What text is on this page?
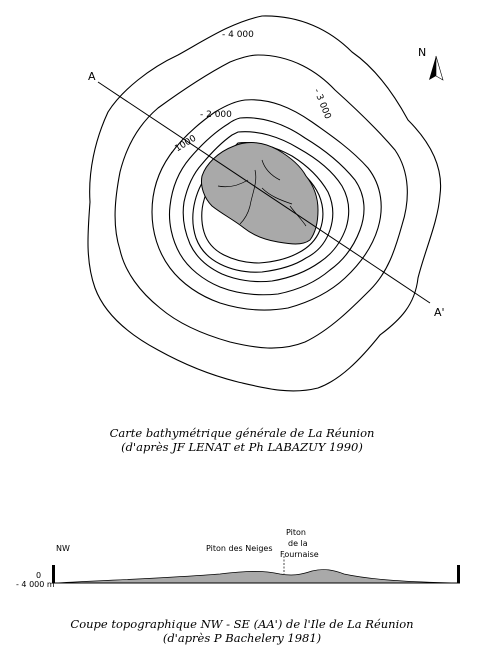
- 4 000
- 3 000
- 2 000
- 1000
A
A'
N
Carte bathymétrique générale de La Réunion
(d'après JF LENAT et Ph LABAZUY 1990)
Piton
de la
Fournaise
Piton des Neiges
NW
0
- 4 000 m
Coupe topographique NW - SE (AA') de l'Ile de La Réunion
(d'après P Bachelery 1981)
